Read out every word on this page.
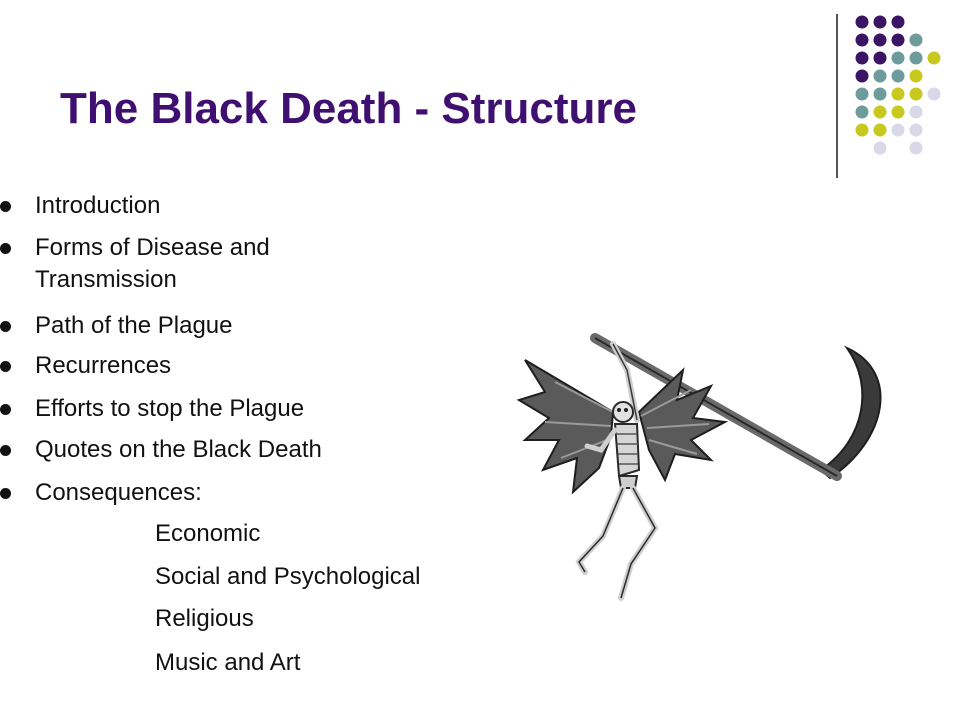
The Black Death - Structure
Introduction
Forms of Disease and Transmission
Path of the Plague
Recurrences
Efforts to stop the Plague
Quotes on the Black Death
Consequences:
Economic
Social and Psychological
Religious
Music and Art
